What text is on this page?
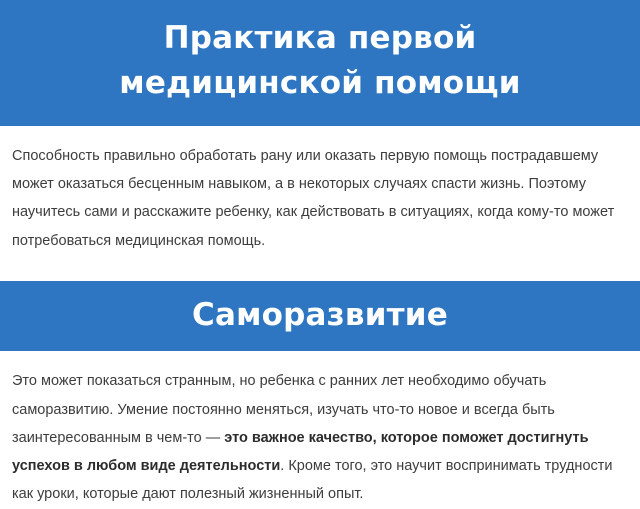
Практика первой
медицинской помощи
Способность правильно обработать рану или оказать первую помощь пострадавшему может оказаться бесценным навыком, а в некоторых случаях спасти жизнь. Поэтому научитесь сами и расскажите ребенку, как действовать в ситуациях, когда кому-то может потребоваться медицинская помощь.
Саморазвитие
Это может показаться странным, но ребенка с ранних лет необходимо обучать саморазвитию. Умение постоянно меняться, изучать что-то новое и всегда быть заинтересованным в чем-то — это важное качество, которое поможет достигнуть успехов в любом виде деятельности. Кроме того, это научит воспринимать трудности как уроки, которые дают полезный жизненный опыт.
